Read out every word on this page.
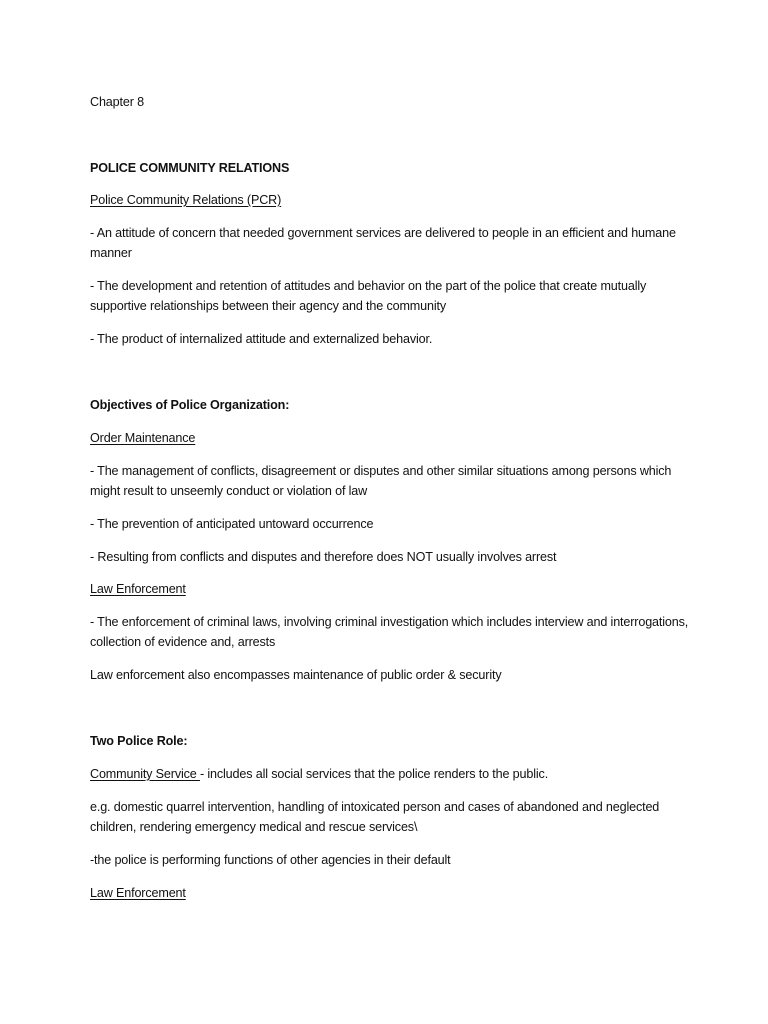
Chapter 8

POLICE COMMUNITY RELATIONS

Police Community Relations (PCR)

- An attitude of concern that needed government services are delivered to people in an efficient and humane manner

- The development and retention of attitudes and behavior on the part of the police that create mutually supportive relationships between their agency and the community

- The product of internalized attitude and externalized behavior.

Objectives of Police Organization:

Order Maintenance

- The management of conflicts, disagreement or disputes and other similar situations among persons which might result to unseemly conduct or violation of law

- The prevention of anticipated untoward occurrence

- Resulting from conflicts and disputes and therefore does NOT usually involves arrest

Law Enforcement

- The enforcement of criminal laws, involving criminal investigation which includes interview and interrogations, collection of evidence and, arrests

Law enforcement also encompasses maintenance of public order & security

Two Police Role:

Community Service - includes all social services that the police renders to the public.

e.g. domestic quarrel intervention, handling of intoxicated person and cases of abandoned and neglected children, rendering emergency medical and rescue services\

-the police is performing functions of other agencies in their default

Law Enforcement
